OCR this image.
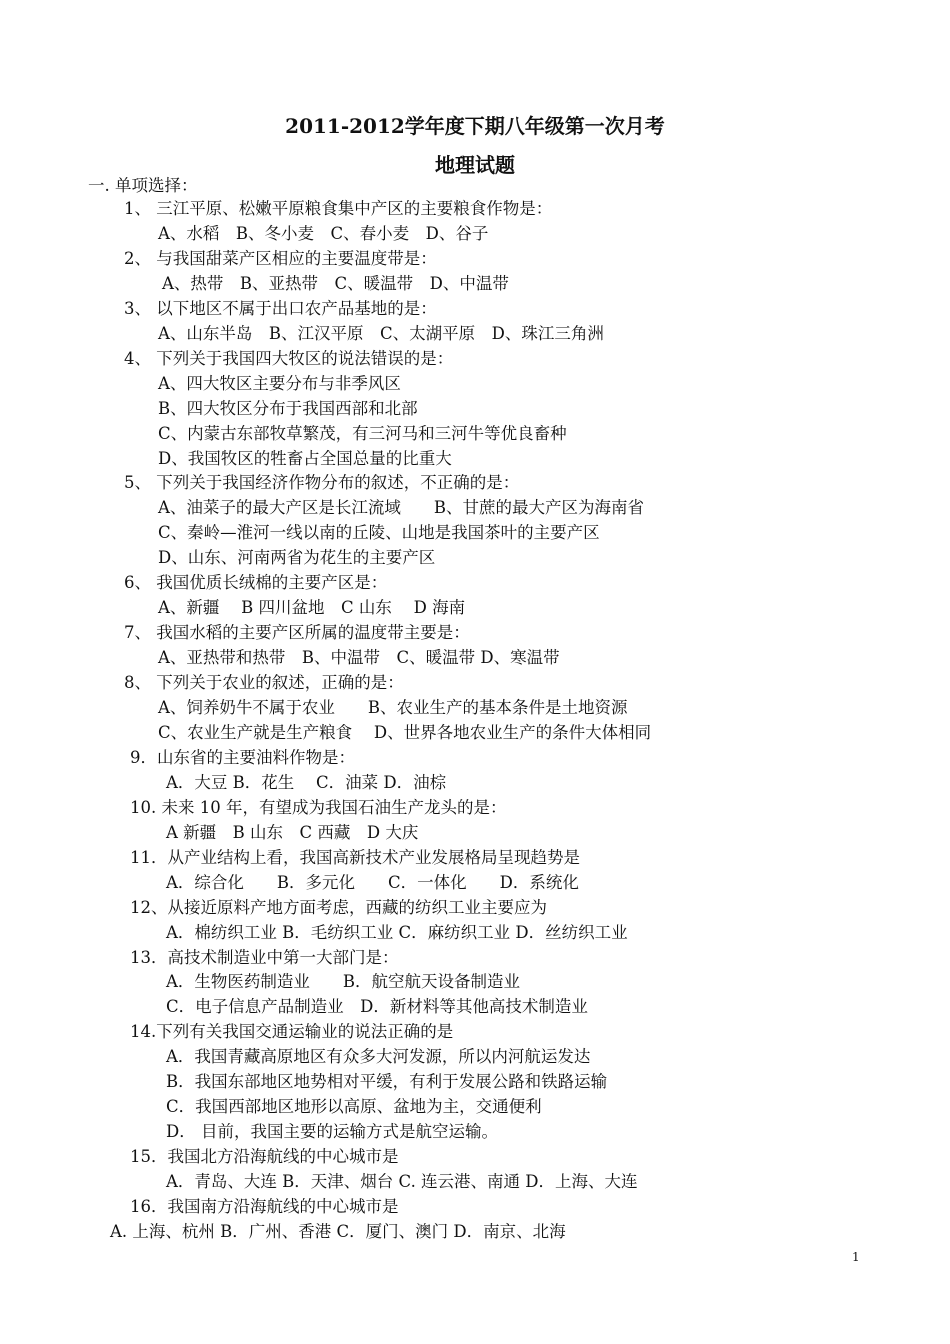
2011-2012学年度下期八年级第一次月考
地理试题
一. 单项选择：
1、 三江平原、松嫩平原粮食集中产区的主要粮食作物是：
A、水稻　B、冬小麦　C、春小麦　D、谷子
2、 与我国甜菜产区相应的主要温度带是：
A、热带　B、亚热带　C、暖温带　D、中温带
3、 以下地区不属于出口农产品基地的是：
A、山东半岛　B、江汉平原　C、太湖平原　D、珠江三角洲
4、 下列关于我国四大牧区的说法错误的是：
A、四大牧区主要分布与非季风区
B、四大牧区分布于我国西部和北部
C、内蒙古东部牧草繁茂，有三河马和三河牛等优良畜种
D、我国牧区的牲畜占全国总量的比重大
5、 下列关于我国经济作物分布的叙述，不正确的是：
A、油菜子的最大产区是长江流域　　B、甘蔗的最大产区为海南省
C、秦岭—淮河一线以南的丘陵、山地是我国茶叶的主要产区
D、山东、河南两省为花生的主要产区
6、 我国优质长绒棉的主要产区是：
A、新疆　 B 四川盆地　C 山东　 D 海南
7、 我国水稻的主要产区所属的温度带主要是：
A、亚热带和热带　B、中温带　C、暖温带 D、寒温带
8、 下列关于农业的叙述，正确的是：
A、饲养奶牛不属于农业　　B、农业生产的基本条件是土地资源
C、农业生产就是生产粮食　 D、世界各地农业生产的条件大体相同
9．山东省的主要油料作物是：
A．大豆 B．花生　 C．油菜 D．油棕
10. 未来 10 年，有望成为我国石油生产龙头的是：
A 新疆　B 山东　C 西藏　D 大庆
11．从产业结构上看，我国高新技术产业发展格局呈现趋势是
A．综合化　　B．多元化　　C．一体化　　D．系统化
12、从接近原料产地方面考虑，西藏的纺织工业主要应为
A．棉纺织工业 B．毛纺织工业 C．麻纺织工业 D．丝纺织工业
13．高技术制造业中第一大部门是：
A．生物医药制造业　　B．航空航天设备制造业
C．电子信息产品制造业　D．新材料等其他高技术制造业
14.下列有关我国交通运输业的说法正确的是
A．我国青藏高原地区有众多大河发源，所以内河航运发达
B．我国东部地区地势相对平缓，有利于发展公路和铁路运输
C．我国西部地区地形以高原、盆地为主，交通便利
D． 目前，我国主要的运输方式是航空运输。
15．我国北方沿海航线的中心城市是
A．青岛、大连 B．天津、烟台 C. 连云港、南通 D．上海、大连
16．我国南方沿海航线的中心城市是
A. 上海、杭州 B．广州、香港 C．厦门、澳门 D．南京、北海
1
